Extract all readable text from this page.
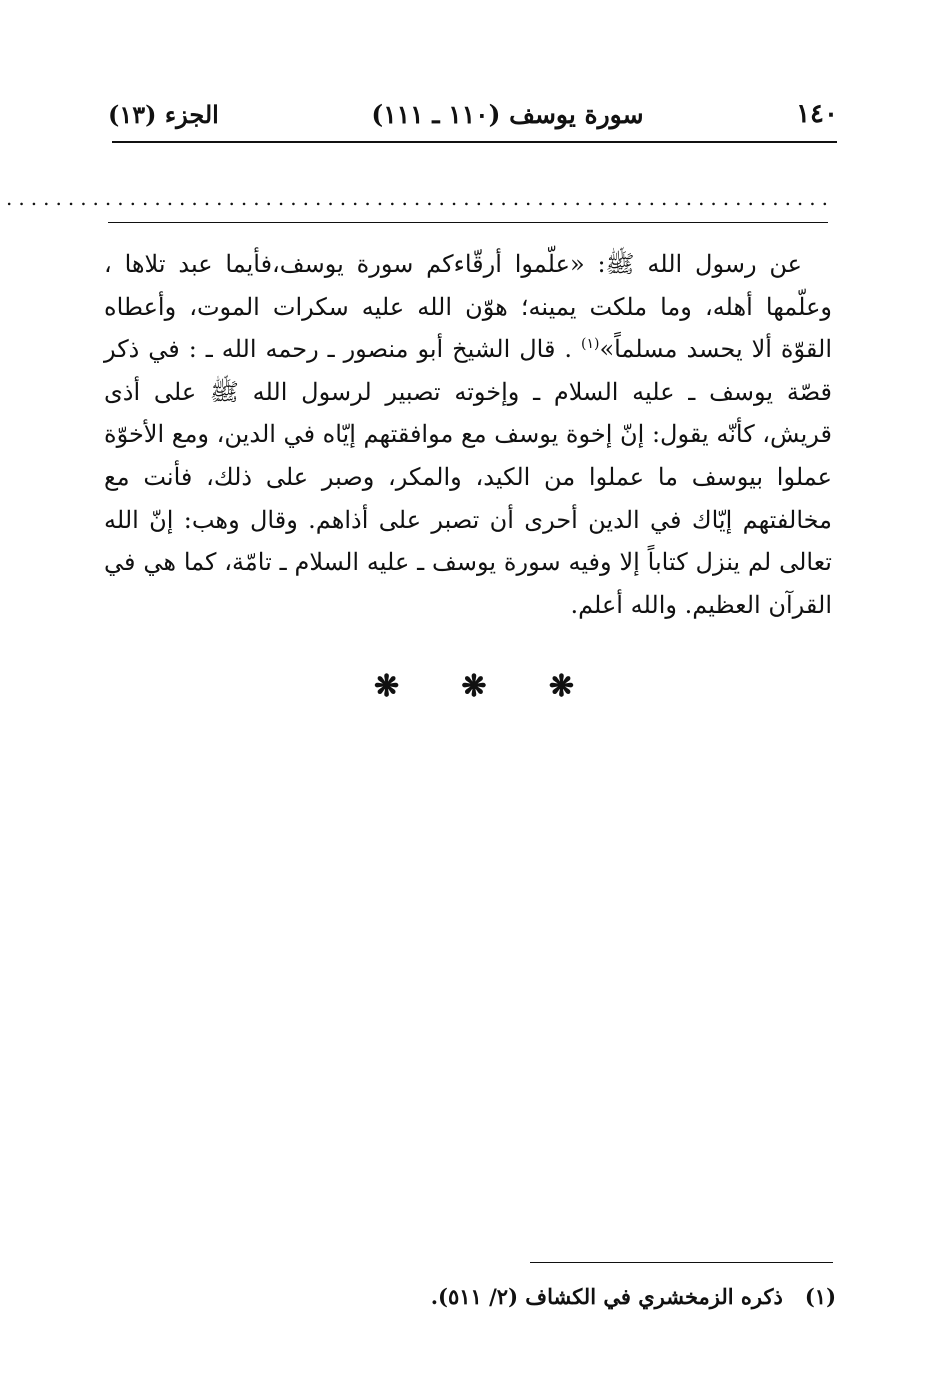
١٤٠
سورة يوسف (١١٠ ـ ١١١)
الجزء (١٣)
...................................................................

عن رسول الله ﷺ: «علّموا أرقّاءكم سورة يوسف،فأيما عبد تلاها ، وعلّمها أهله، وما ملكت يمينه؛ هوّن الله عليه سكرات الموت، وأعطاه القوّة ألا يحسد مسلماً»$^{(١)}$ . قال الشيخ أبو منصور ـ رحمه الله ـ : في ذكر قصّة يوسف ـ عليه السلام ـ وإخوته تصبير لرسول الله ﷺ على أذى قريش، كأنّه يقول: إنّ إخوة يوسف مع موافقتهم إيّاه في الدين، ومع الأخوّة عملوا بيوسف ما عملوا من الكيد، والمكر، وصبر على ذلك، فأنت مع مخالفتهم إيّاك في الدين أحرى أن تصبر على أذاهم. وقال وهب: إنّ الله تعالى لم ينزل كتاباً إلا وفيه سورة يوسف ـ عليه السلام ـ تامّة، كما هي في القرآن العظيم. والله أعلم.

❋ ❋ ❋
(١)ذكره الزمخشري في الكشاف (٢/ ٥١١).
